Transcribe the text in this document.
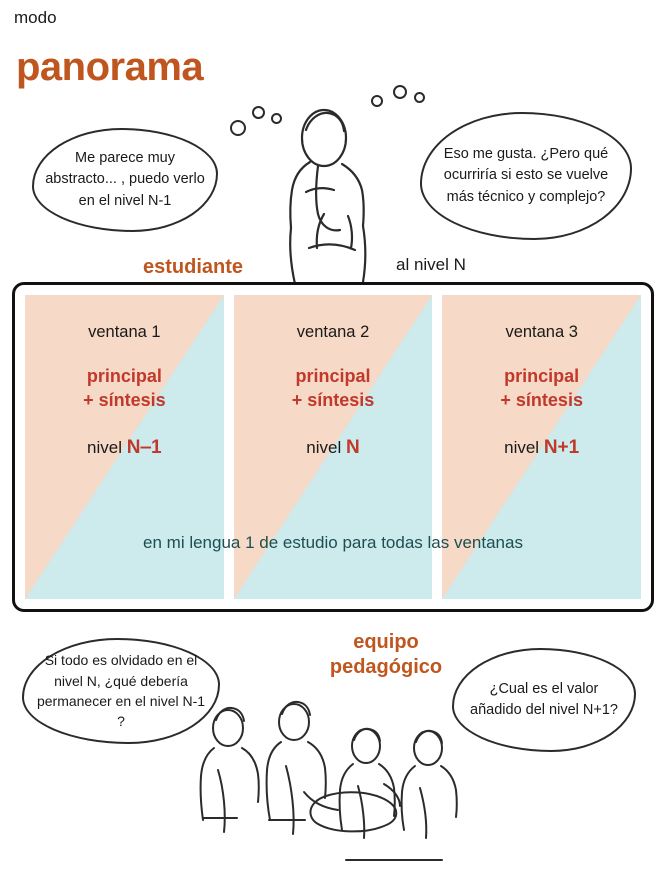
modo
panorama
Me parece muy abstracto... , puedo verlo en el nivel N-1
Eso me gusta. ¿Pero qué ocurriría si esto se vuelve más técnico y complejo?
estudiante	al nivel N
ventana 1
principal
+ síntesis
nivel N‒1
ventana 2
principal
+ síntesis
nivel N
ventana 3
principal
+ síntesis
nivel N+1
en mi lengua 1 de estudio para todas las ventanas
equipo
pedagógico
Si todo es olvidado en el nivel N, ¿qué debería permanecer en el nivel N-1 ?
¿Cual es el valor añadido del nivel N+1?
